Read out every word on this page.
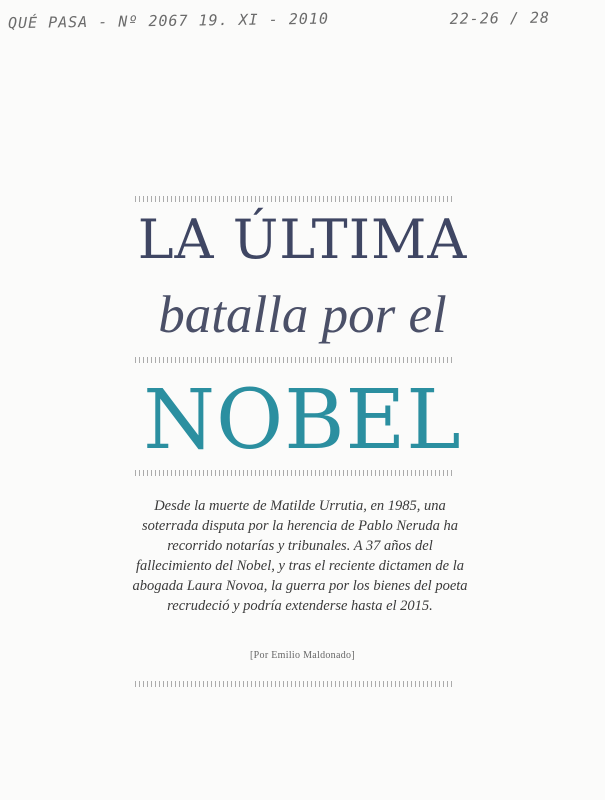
QUÉ PASA - Nº 2067 19. XI - 2010	22-26 / 28
LA ÚLTIMA
batalla por el
NOBEL
Desde la muerte de Matilde Urrutia, en 1985, una soterrada disputa por la herencia de Pablo Neruda ha recorrido notarías y tribunales. A 37 años del fallecimiento del Nobel, y tras el reciente dictamen de la abogada Laura Novoa, la guerra por los bienes del poeta recrudeció y podría extenderse hasta el 2015.
[Por Emilio Maldonado]
